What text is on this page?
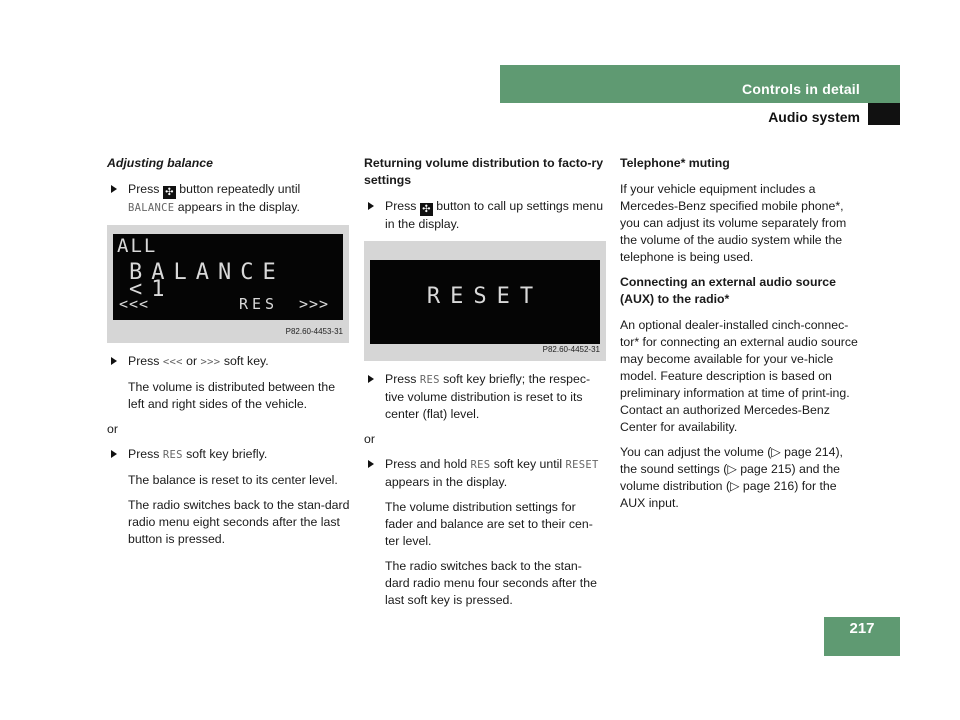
Controls in detail
Audio system
Adjusting balance
Press ✣ button repeatedly until
BALANCE appears in the display.
ALL
BALANCE <1
<<<	RES >>>
P82.60-4453-31
Press <<< or >>> soft key.
The volume is distributed between the left and right sides of the vehicle.
or
Press RES soft key briefly.
The balance is reset to its center level.
The radio switches back to the stan-dard radio menu eight seconds after the last button is pressed.
Returning volume distribution to facto-ry settings
Press ✣ button to call up settings menu in the display.
RESET
P82.60-4452-31
Press RES soft key briefly; the respec-tive volume distribution is reset to its center (flat) level.
or
Press and hold RES soft key until RESET appears in the display.
The volume distribution settings for fader and balance are set to their cen-ter level.
The radio switches back to the stan-dard radio menu four seconds after the last soft key is pressed.
Telephone* muting

If your vehicle equipment includes a Mercedes-Benz specified mobile phone*, you can adjust its volume separately from the volume of the audio system while the telephone is being used.

Connecting an external audio source (AUX) to the radio*

An optional dealer-installed cinch-connec-tor* for connecting an external audio source may become available for your ve-hicle model. Feature description is based on preliminary information at time of print-ing. Contact an authorized Mercedes-Benz Center for availability.

You can adjust the volume (▷ page 214), the sound settings (▷ page 215) and the volume distribution (▷ page 216) for the AUX input.

217
